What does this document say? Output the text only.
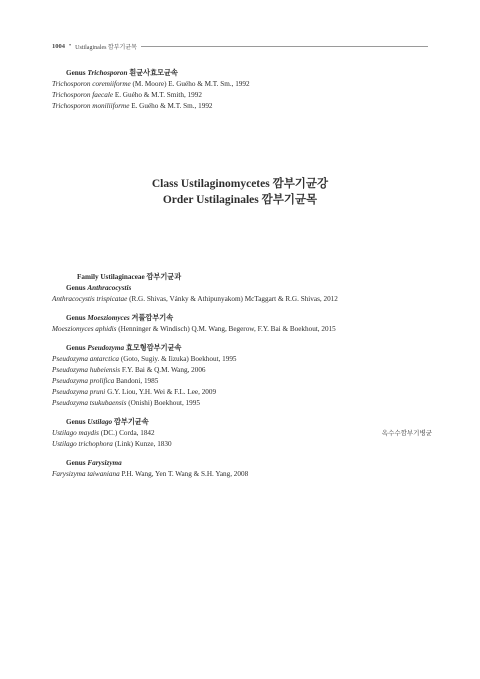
1004 • Ustilaginales 깜부기균목
Genus Trichosporon 흰균사효모균속
Trichosporon coremiiforme (M. Moore) E. Guého & M.T. Sm., 1992
Trichosporon faecale E. Guého & M.T. Smith, 1992
Trichosporon moniliiforme E. Guého & M.T. Sm., 1992
Class Ustilaginomycetes 깜부기균강
Order Ustilaginales 깜부기균목
Family Ustilaginaceae 깜부기균과
Genus Anthracocystis
Anthracocystis trispicatae (R.G. Shivas, Vánky & Athipunyakom) McTaggart & R.G. Shivas, 2012
Genus Moesziomyces 겨풀깜부기속
Moesziomyces aphidis (Henninger & Windisch) Q.M. Wang, Begerow, F.Y. Bai & Boekhout, 2015
Genus Pseudozyma 효모형깜부기균속
Pseudozyma antarctica (Goto, Sugiy. & Iizuka) Boekhout, 1995
Pseudozyma hubeiensis F.Y. Bai & Q.M. Wang, 2006
Pseudozyma prolifica Bandoni, 1985
Pseudozyma pruni G.Y. Liou, Y.H. Wei & F.L. Lee, 2009
Pseudozyma tsukubaensis (Onishi) Boekhout, 1995
Genus Ustilago 깜부기균속
Ustilago maydis (DC.) Corda, 1842	옥수수깜부기병균
Ustilago trichophora (Link) Kunze, 1830
Genus Farysizyma
Farysizyma taiwaniana P.H. Wang, Yen T. Wang & S.H. Yang, 2008
